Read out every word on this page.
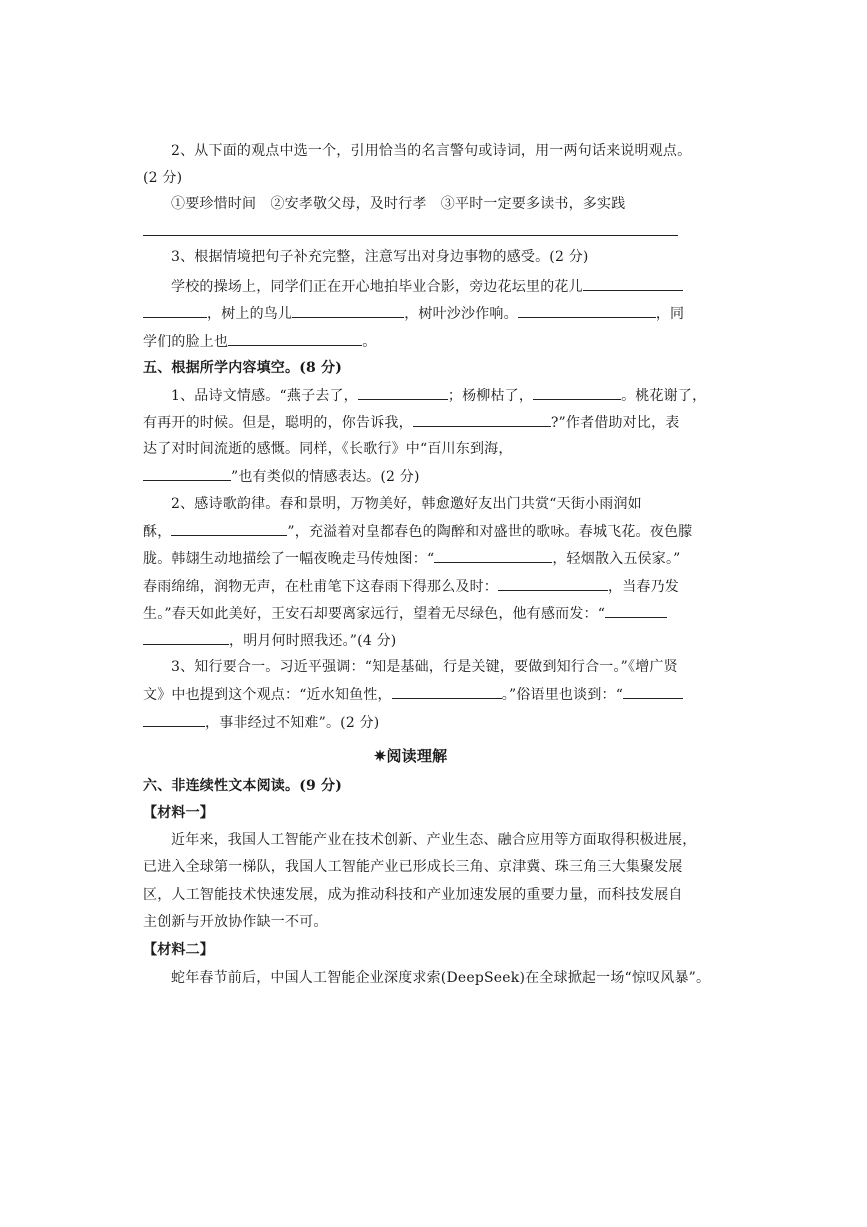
2、从下面的观点中选一个，引用恰当的名言警句或诗词，用一两句话来说明观点。
(2 分)
①要珍惜时间　②安孝敬父母，及时行孝　③平时一定要多读书，多实践
3、根据情境把句子补充完整，注意写出对身边事物的感受。(2 分)
学校的操场上，同学们正在开心地拍毕业合影，旁边花坛里的花儿
，树上的鸟儿	，树叶沙沙作响。	，同
学们的脸上也	。
五、根据所学内容填空。(8 分)
1、品诗文情感。“燕子去了，	；杨柳枯了，	。桃花谢了，
有再开的时候。但是，聪明的，你告诉我，	?”作者借助对比，表
达了对时间流逝的感慨。同样，《长歌行》中“百川东到海，
”也有类似的情感表达。(2 分)
2、感诗歌韵律。春和景明，万物美好，韩愈邀好友出门共赏“天街小雨润如
酥，	”，充溢着对皇都春色的陶醉和对盛世的歌咏。春城飞花。夜色朦
胧。韩翃生动地描绘了一幅夜晚走马传烛图：“	，轻烟散入五侯家。”
春雨绵绵，润物无声，在杜甫笔下这春雨下得那么及时：	，当春乃发
生。”春天如此美好，王安石却要离家远行，望着无尽绿色，他有感而发：“
，明月何时照我还。”(4 分)
3、知行要合一。习近平强调：“知是基础，行是关键，要做到知行合一。”《增广贤
文》中也提到这个观点：“近水知鱼性，	。”俗语里也谈到：“
，事非经过不知难”。(2 分)
✷阅读理解
六、非连续性文本阅读。(9 分)
【材料一】
近年来，我国人工智能产业在技术创新、产业生态、融合应用等方面取得积极进展，
已进入全球第一梯队，我国人工智能产业已形成长三角、京津冀、珠三角三大集聚发展
区，人工智能技术快速发展，成为推动科技和产业加速发展的重要力量，而科技发展自
主创新与开放协作缺一不可。
【材料二】
蛇年春节前后，中国人工智能企业深度求索(DeepSeek)在全球掀起一场“惊叹风暴”。
